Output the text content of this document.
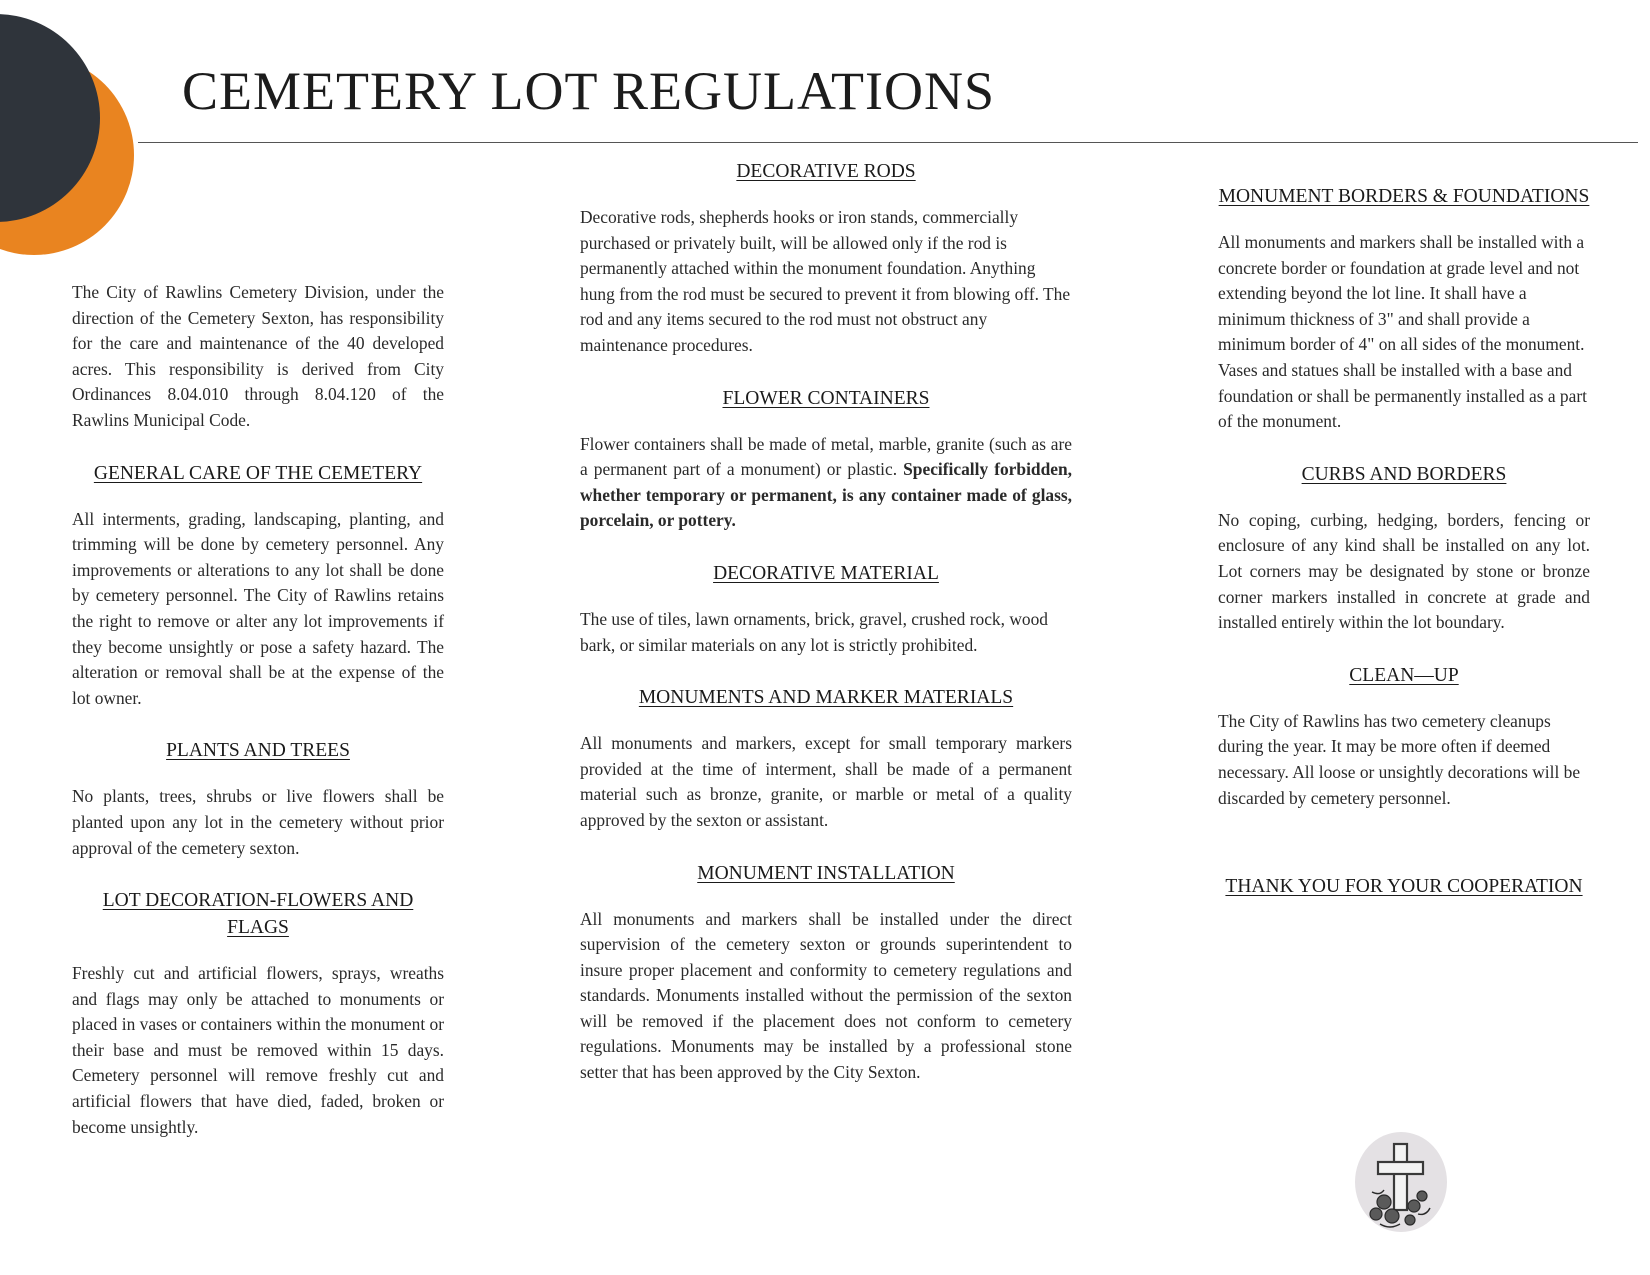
CEMETERY LOT REGULATIONS

The City of Rawlins Cemetery Division, under the direction of the Cemetery Sexton, has responsibility for the care and maintenance of the 40 developed acres. This responsibility is derived from City Ordinances 8.04.010 through 8.04.120 of the Rawlins Municipal Code.

GENERAL CARE OF THE CEMETERY

All interments, grading, landscaping, planting, and trimming will be done by cemetery personnel. Any improvements or alterations to any lot shall be done by cemetery personnel. The City of Rawlins retains the right to remove or alter any lot improvements if they become unsightly or pose a safety hazard. The alteration or removal shall be at the expense of the lot owner.

PLANTS AND TREES

No plants, trees, shrubs or live flowers shall be planted upon any lot in the cemetery without prior approval of the cemetery sexton.

LOT DECORATION-FLOWERS AND FLAGS

Freshly cut and artificial flowers, sprays, wreaths and flags may only be attached to monuments or placed in vases or containers within the monument or their base and must be removed within 15 days. Cemetery personnel will remove freshly cut and artificial flowers that have died, faded, broken or become unsightly.

DECORATIVE RODS

Decorative rods, shepherds hooks or iron stands, commercially purchased or privately built, will be allowed only if the rod is permanently attached within the monument foundation. Anything hung from the rod must be secured to prevent it from blowing off. The rod and any items secured to the rod must not obstruct any maintenance procedures.

FLOWER CONTAINERS

Flower containers shall be made of metal, marble, granite (such as are a permanent part of a monument) or plastic. Specifically forbidden, whether temporary or permanent, is any container made of glass, porcelain, or pottery.

DECORATIVE MATERIAL

The use of tiles, lawn ornaments, brick, gravel, crushed rock, wood bark, or similar materials on any lot is strictly prohibited.

MONUMENTS AND MARKER MATERIALS

All monuments and markers, except for small temporary markers provided at the time of interment, shall be made of a permanent material such as bronze, granite, or marble or metal of a quality approved by the sexton or assistant.

MONUMENT INSTALLATION

All monuments and markers shall be installed under the direct supervision of the cemetery sexton or grounds superintendent to insure proper placement and conformity to cemetery regulations and standards. Monuments installed without the permission of the sexton will be removed if the placement does not conform to cemetery regulations. Monuments may be installed by a professional stone setter that has been approved by the City Sexton.

MONUMENT BORDERS & FOUNDATIONS

All monuments and markers shall be installed with a concrete border or foundation at grade level and not extending beyond the lot line. It shall have a minimum thickness of 3" and shall provide a minimum border of 4" on all sides of the monument. Vases and statues shall be installed with a base and foundation or shall be permanently installed as a part of the monument.

CURBS AND BORDERS

No coping, curbing, hedging, borders, fencing or enclosure of any kind shall be installed on any lot. Lot corners may be designated by stone or bronze corner markers installed in concrete at grade and installed entirely within the lot boundary.

CLEAN—UP

The City of Rawlins has two cemetery cleanups during the year. It may be more often if deemed necessary. All loose or unsightly decorations will be discarded by cemetery personnel.

THANK YOU FOR YOUR COOPERATION
